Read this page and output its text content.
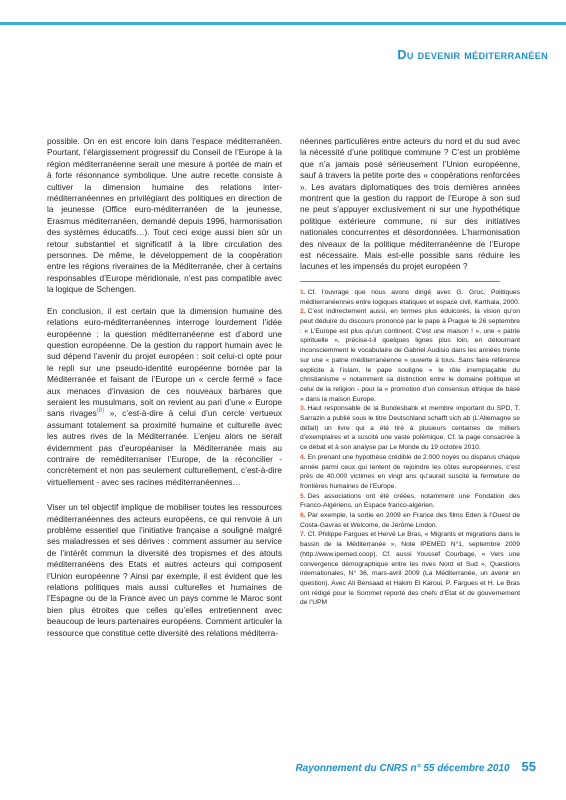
Du devenir méditerranéen

possible. On en est encore loin dans l’espace méditerranéen. Pourtant, l’élargissement progressif du Conseil de l’Europe à la région méditerranéenne serait une mesure à portée de main et à forte résonnance symbolique. Une autre recette consiste à cultiver la dimension humaine des relations inter-méditerranéennes en privilégiant des politiques en direction de la jeunesse (Office euro-méditerranéen de la jeunesse, Erasmus méditerranéen, demandé depuis 1996, harmonisation des systèmes éducatifs…). Tout ceci exige aussi bien sûr un retour substantiel et significatif à la libre circulation des personnes. De même, le développement de la coopération entre les régions riveraines de la Méditerranée, cher à certains responsables d’Europe méridionale, n’est pas compatible avec la logique de Schengen.

En conclusion, il est certain que la dimension humaine des relations euro-méditerranéennes interroge lourdement l’idée européenne : la question méditerranéenne est d’abord une question européenne. De la gestion du rapport humain avec le sud dépend l’avenir du projet européen : soit celui-ci opte pour le repli sur une pseudo-identité européenne bornée par la Méditerranée et faisant de l’Europe un « cercle fermé » face aux menaces d’invasion de ces nouveaux barbares que seraient les musulmans, soit on revient au pari d’une « Europe sans rivages$^{(8)}$ », c’est-à-dire à celui d’un cercle vertueux assumant totalement sa proximité humaine et culturelle avec les autres rives de la Méditerranée. L’enjeu alors ne serait évidemment pas d’européaniser la Méditerranée mais au contraire de reméditerraniser l’Europe, de la réconcilier - concrètement et non pas seulement culturellement, c’est-à-dire virtuellement - avec ses racines méditerranéennes…

Viser un tel objectif implique de mobiliser toutes les ressources méditerranéennes des acteurs européens, ce qui renvoie à un problème essentiel que l’initiative française a souligné malgré ses maladresses et ses dérives : comment assumer au service de l’intérêt commun la diversité des tropismes et des atouts méditerranéens des Etats et autres acteurs qui composent l’Union européenne ? Ainsi par exemple, il est évident que les relations politiques mais aussi culturelles et humaines de l’Espagne ou de la France avec un pays comme le Maroc sont bien plus étroites que celles qu’elles entretiennent avec beaucoup de leurs partenaires européens. Comment articuler la ressource que constitue cette diversité des relations méditerra-

néennes particulières entre acteurs du nord et du sud avec la nécessité d’une politique commune ? C’est un problème que n’a jamais posé sérieusement l’Union européenne, sauf à travers la petite porte des « coopérations renforcées ». Les avatars diplomatiques des trois dernières années montrent que la gestion du rapport de l’Europe à son sud ne peut s’appuyer exclusivement ni sur une hypothétique politique extérieure commune, ni sur des initiatives nationales concurrentes et désordonnées. L’harmonisation des niveaux de la politique méditerranéenne de l’Europe est nécessaire. Mais est-elle possible sans réduire les lacunes et les impensés du projet européen ?

1. Cf. l’ouvrage que nous avons dirigé avec G. Groc, Politiques méditerranéennes entre logiques étatiques et espace civil, Karthala, 2000.

2. C’est indirectement aussi, en termes plus édulcorés, la vision qu’on peut déduire du discours prononcé par le pape à Prague le 26 septembre : « L’Europe est plus qu’un continent. C’est une maison ! », une « patrie spirituelle », précise-t-il quelques lignes plus loin, en détournant inconsciemment le vocabulaire de Gabriel Audisio dans les années trente sur une « patrie méditerranéenne » ouverte à tous. Sans faire référence explicite à l’islam, le pape souligne « le rôle irremplaçable du christianisme » notamment sa distinction entre le domaine politique et celui de la religion - pour la « promotion d’un consensus éthique de base » dans la maison Europe.

3. Haut responsable de la Bundesbank et membre important du SPD, T. Sarrazin a publié sous le titre Deutschland schafft sich ab (L’Allemagne se défait) un livre qui a été tiré à plusieurs centaines de milliers d’exemplaires et a suscité une vaste polémique. Cf. la page consacrée à ce débat et à son analyse par Le Monde du 19 octobre 2010.

4. En prenant une hypothèse crédible de 2.000 noyés ou disparus chaque année parmi ceux qui tentent de rejoindre les côtes européennes, c’est près de 40.000 victimes en vingt ans qu’aurait suscité la fermeture de frontières humaines de l’Europe.

5. Des associations ont été créées, notamment une Fondation des Franco-Algériens, un Espace franco-algérien.

6. Par exemple, la sortie en 2009 en France des films Eden à l’Ouest de Costa-Gavras et Welcome, de Jérôme Lindon.

7. Cf. Philippe Fargues et Hervé Le Bras, « Migrants et migrations dans le bassin de la Méditerranée », Note IPEMED N°1, septembre 2009 (http://www.ipemed.coop). Cf. aussi Youssef Courbage, « Vers une convergence démographique entre les rives Nord et Sud », Questions internationales, N° 36, mars-avril 2009 (La Méditerranée, un avenir en question). Avec Ali Bensaad et Hakim El Karoui, P. Fargues et H. Le Bras ont rédigé pour le Sommet reporté des chefs d’Etat et de gouvernement de l’UPM

Rayonnement du CNRS n° 55 décembre 2010 55
